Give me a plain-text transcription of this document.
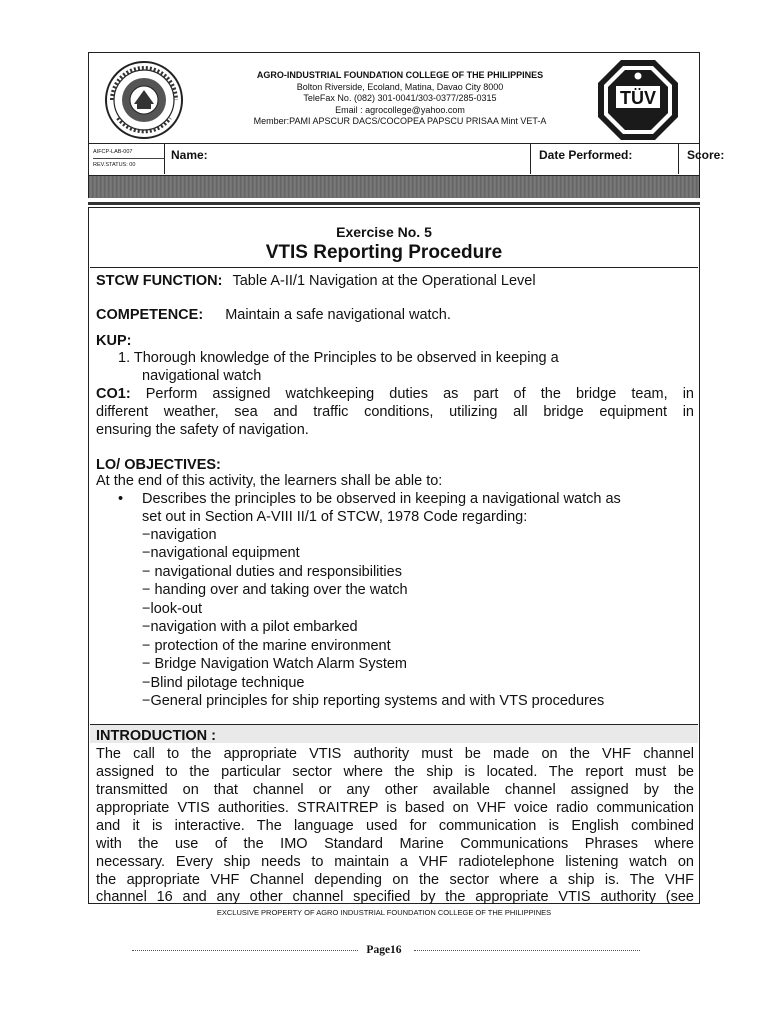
AGRO-INDUSTRIAL FOUNDATION COLLEGE OF THE PHILIPPINES
Bolton Riverside, Ecoland, Matina, Davao City 8000
TeleFax No. (082) 301-0041/303-0377/285-0315
Email : agrocollege@yahoo.com
Member:PAMI APSCUR DACS/COCOPEA PAPSCU PRISAA Mint VET-A
TÜV
AIFCP-LAB-007
REV.STATUS: 00
Name:	Date Performed:	Score:
Exercise No. 5
VTIS Reporting Procedure
STCW FUNCTION: Table A-II/1 Navigation at the Operational Level
COMPETENCE: Maintain a safe navigational watch.
KUP:
1. Thorough knowledge of the Principles to be observed in keeping a
navigational watch
CO1: Perform assigned watchkeeping duties as part of the bridge team, in
different weather, sea and traffic conditions, utilizing all bridge equipment in
ensuring the safety of navigation.
LO/ OBJECTIVES:
At the end of this activity, the learners shall be able to:
• Describes the principles to be observed in keeping a navigational watch as
set out in Section A-VIII II/1 of STCW, 1978 Code regarding:
−navigation
−navigational equipment
− navigational duties and responsibilities
− handing over and taking over the watch
−look-out
−navigation with a pilot embarked
− protection of the marine environment
− Bridge Navigation Watch Alarm System
−Blind pilotage technique
−General principles for ship reporting systems and with VTS procedures
INTRODUCTION :
The call to the appropriate VTIS authority must be made on the VHF channel
assigned to the particular sector where the ship is located. The report must be
transmitted on that channel or any other available channel assigned by the
appropriate VTIS authorities. STRAITREP is based on VHF voice radio communication
and it is interactive. The language used for communication is English combined
with the use of the IMO Standard Marine Communications Phrases where
necessary. Every ship needs to maintain a VHF radiotelephone listening watch on
the appropriate VHF Channel depending on the sector where a ship is. The VHF
channel 16 and any other channel specified by the appropriate VTIS authority (see
EXCLUSIVE PROPERTY OF AGRO INDUSTRIAL FOUNDATION COLLEGE OF THE PHILIPPINES
Page16
